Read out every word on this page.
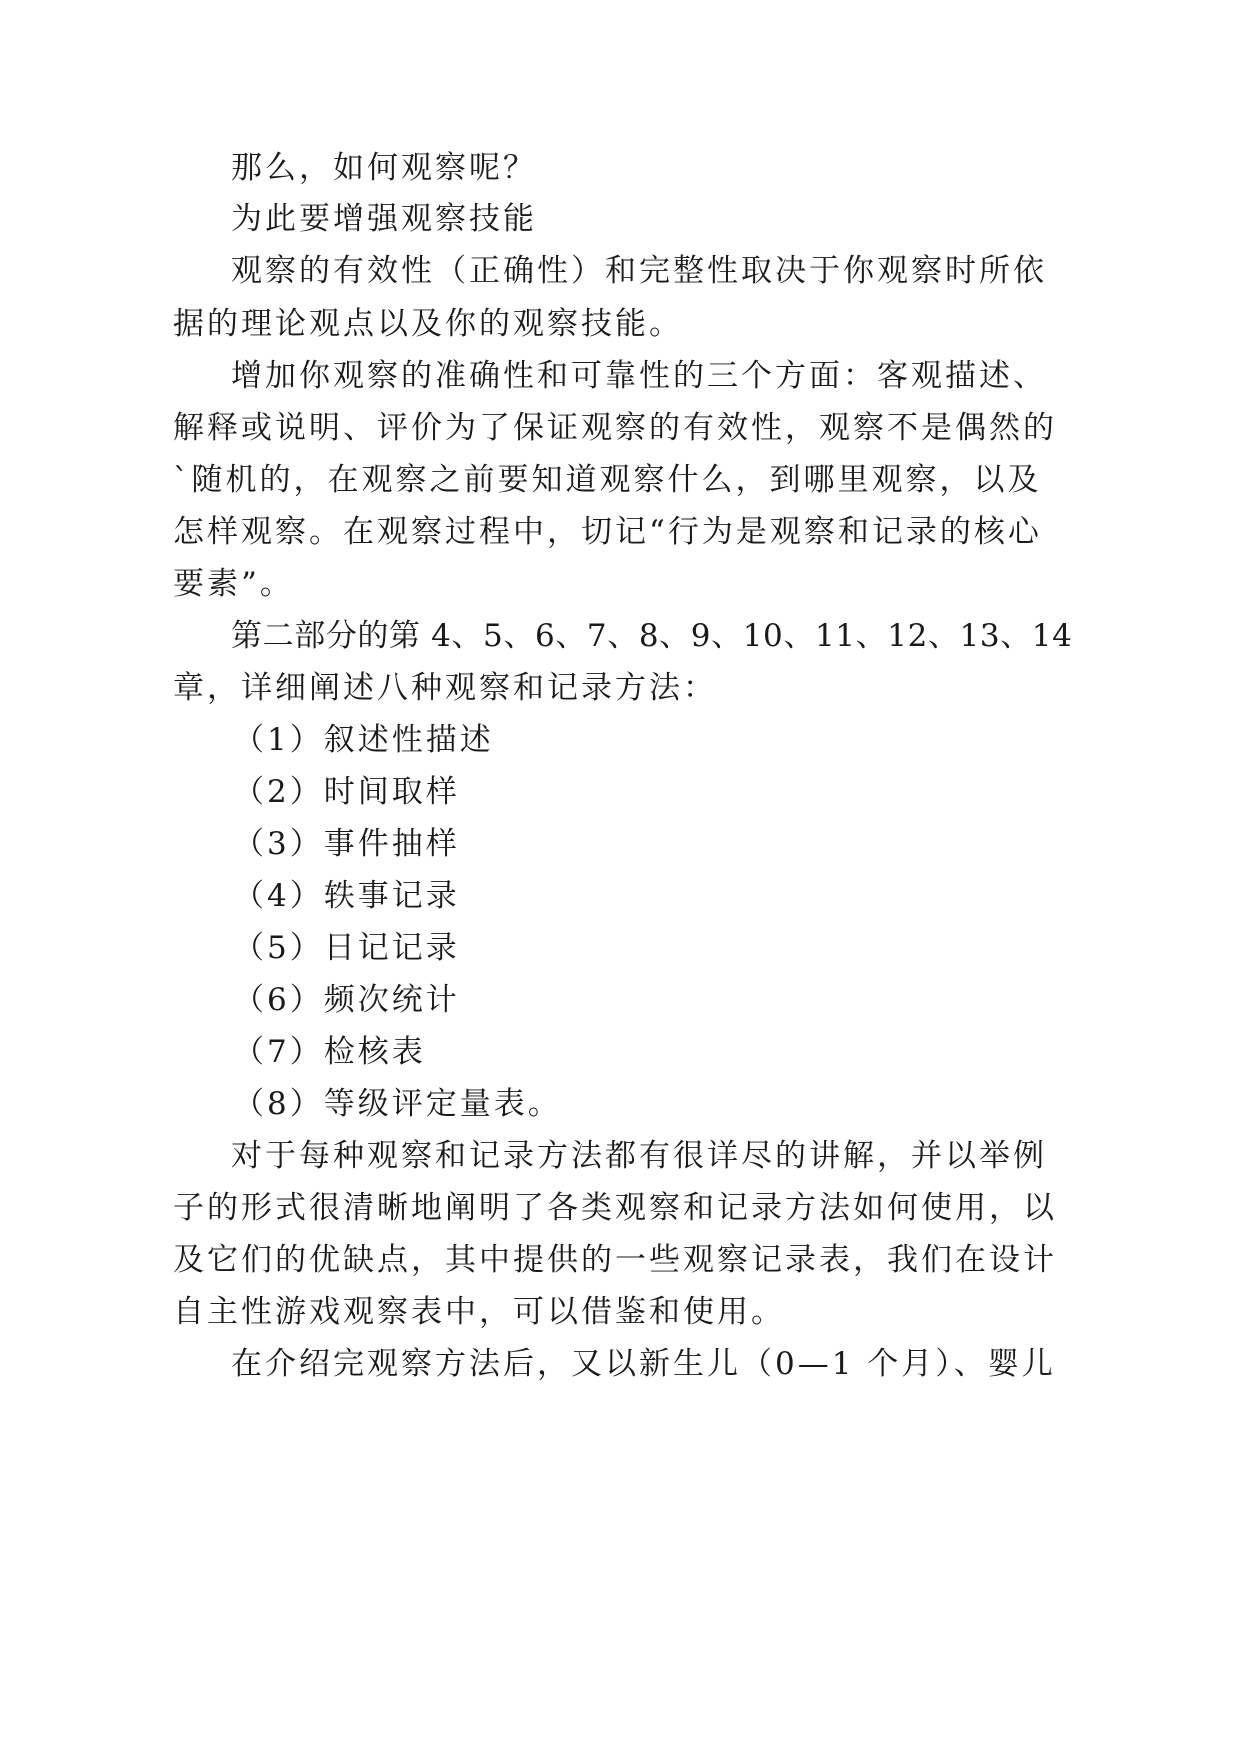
那么，如何观察呢？
为此要增强观察技能
观察的有效性（正确性）和完整性取决于你观察时所依
据的理论观点以及你的观察技能。
增加你观察的准确性和可靠性的三个方面：客观描述、
解释或说明、评价为了保证观察的有效性，观察不是偶然的
`随机的，在观察之前要知道观察什么，到哪里观察，以及
怎样观察。在观察过程中，切记“行为是观察和记录的核心
要素”。
第二部分的第 4、5、6、7、8、9、10、11、12、13、14
章，详细阐述八种观察和记录方法：
（1）叙述性描述
（2）时间取样
（3）事件抽样
（4）轶事记录
（5）日记记录
（6）频次统计
（7）检核表
（8）等级评定量表。
对于每种观察和记录方法都有很详尽的讲解，并以举例
子的形式很清晰地阐明了各类观察和记录方法如何使用，以
及它们的优缺点，其中提供的一些观察记录表，我们在设计
自主性游戏观察表中，可以借鉴和使用。
在介绍完观察方法后，又以新生儿（0—1 个月）、婴儿
